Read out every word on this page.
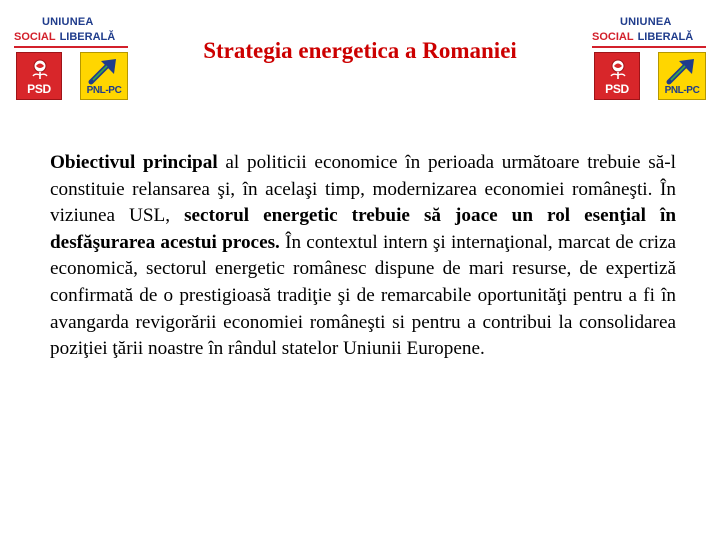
UNIUNEA
SOCIAL LIBERALĂ
PSD	PNL-PC
Strategia energetica a Romaniei
UNIUNEA
SOCIAL LIBERALĂ
PSD	PNL-PC

Obiectivul principal al politicii economice în perioada următoare trebuie să-l constituie relansarea şi, în acelaşi timp, modernizarea economiei româneşti. În viziunea USL, sectorul energetic trebuie să joace un rol esenţial în desfăşurarea acestui proces. În contextul intern şi internaţional, marcat de criza economică, sectorul energetic românesc dispune de mari resurse, de expertiză confirmată de o prestigioasă tradiţie şi de remarcabile oportunităţi pentru a fi în avangarda revigorării economiei româneşti si pentru a contribui la consolidarea poziţiei ţării noastre în rândul statelor Uniunii Europene.
